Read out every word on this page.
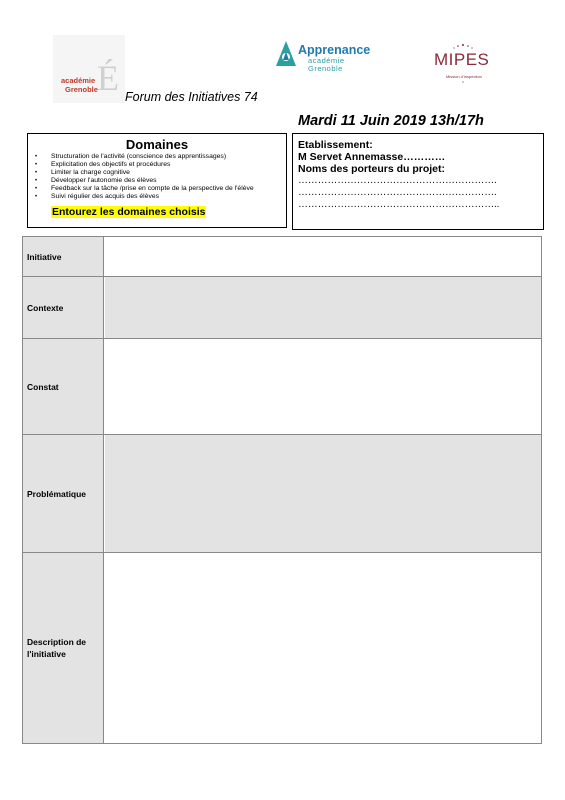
académie
Grenoble É
Apprenance
académie
Grenoble	MIPES
Mission d'Inspection
Forum des Initiatives 74
Mardi 11 Juin 2019 13h/17h
Domaines
• Structuration de l'activité (conscience des apprentissages)
• Explicitation des objectifs et procédures
• Limiter la charge cognitive
• Développer l'autonomie des élèves
• Feedback sur la tâche /prise en compte de la perspective de l'élève
• Suivi régulier des acquis des élèves
Entourez les domaines choisis
Etablissement:
M Servet Annemasse…………
Noms des porteurs du projet:
…………………………………………………….
…………………………………………………….
……………………………………………………..
Initiative
Contexte
Constat
Problématique
Description de l'initiative
